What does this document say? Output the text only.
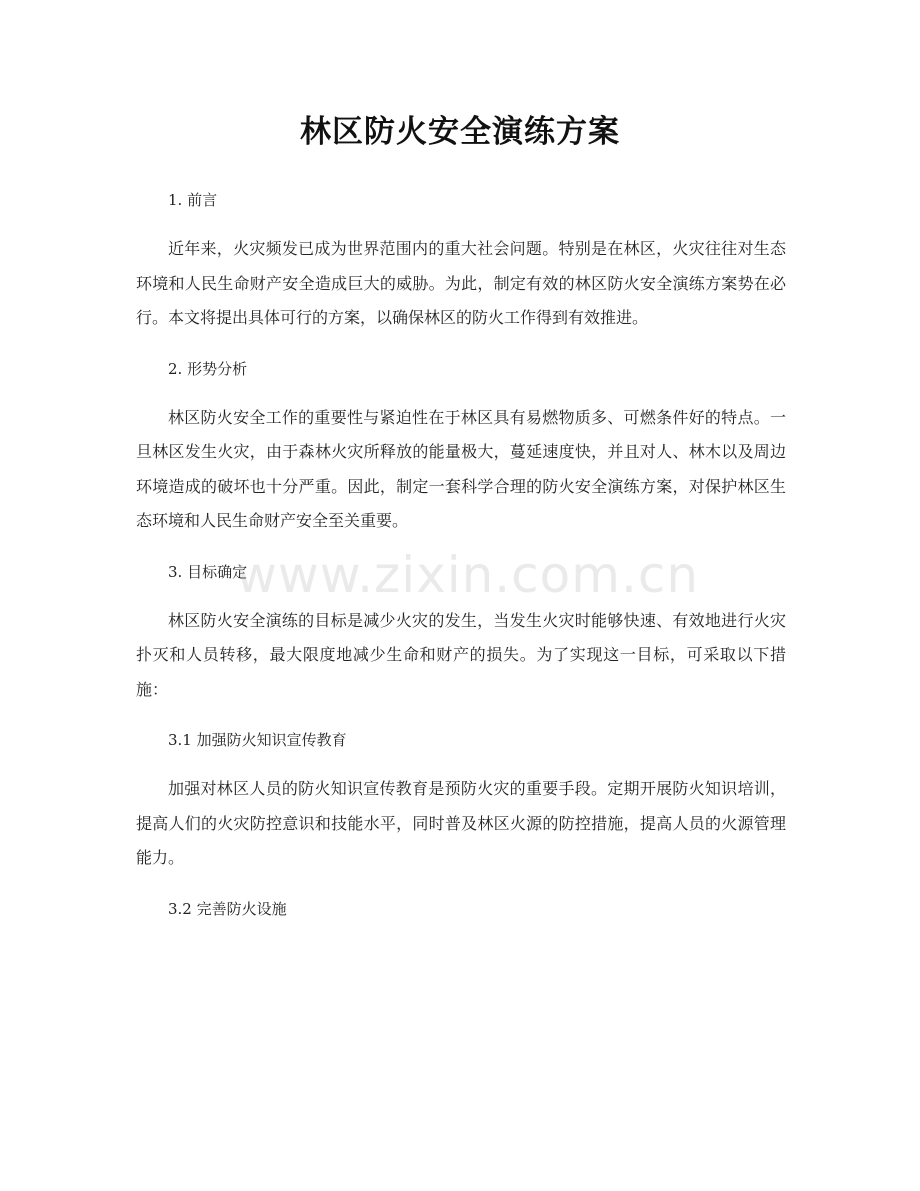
林区防火安全演练方案

1. 前言

近年来，火灾频发已成为世界范围内的重大社会问题。特别是在林区，火灾往往对生态环境和人民生命财产安全造成巨大的威胁。为此，制定有效的林区防火安全演练方案势在必行。本文将提出具体可行的方案，以确保林区的防火工作得到有效推进。

2. 形势分析

林区防火安全工作的重要性与紧迫性在于林区具有易燃物质多、可燃条件好的特点。一旦林区发生火灾，由于森林火灾所释放的能量极大，蔓延速度快，并且对人、林木以及周边环境造成的破坏也十分严重。因此，制定一套科学合理的防火安全演练方案，对保护林区生态环境和人民生命财产安全至关重要。

3. 目标确定

林区防火安全演练的目标是减少火灾的发生，当发生火灾时能够快速、有效地进行火灾扑灭和人员转移，最大限度地减少生命和财产的损失。为了实现这一目标，可采取以下措施：

3.1 加强防火知识宣传教育

加强对林区人员的防火知识宣传教育是预防火灾的重要手段。定期开展防火知识培训，提高人们的火灾防控意识和技能水平，同时普及林区火源的防控措施，提高人员的火源管理能力。

3.2 完善防火设施

www.zixin.com.cn
